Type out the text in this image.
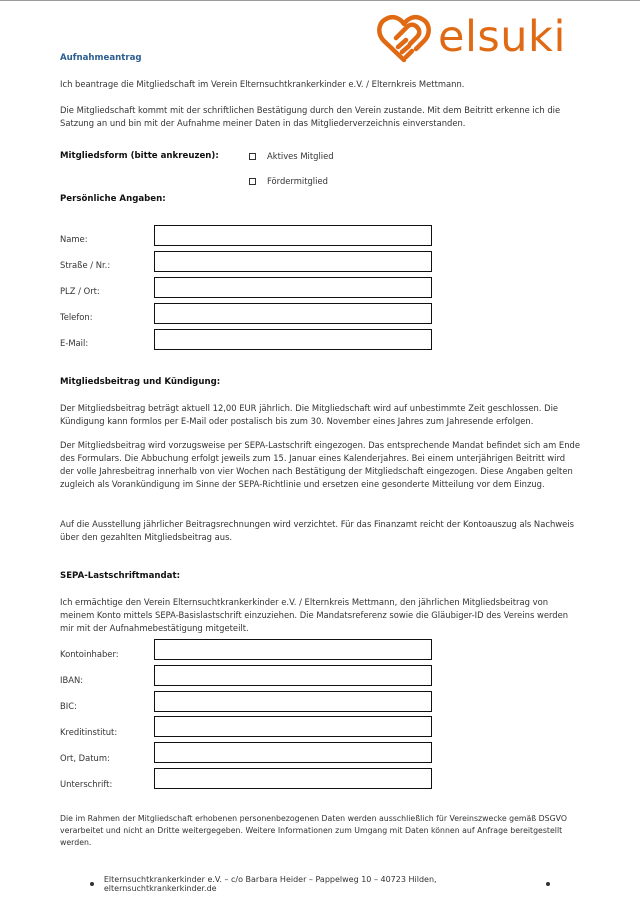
elsuki
Aufnahmeantrag
Ich beantrage die Mitgliedschaft im Verein Elternsuchtkrankerkinder e.V. / Elternkreis Mettmann.
Die Mitgliedschaft kommt mit der schriftlichen Bestätigung durch den Verein zustande. Mit dem Beitritt erkenne ich die Satzung an und bin mit der Aufnahme meiner Daten in das Mitgliederverzeichnis einverstanden.
Mitgliedsform (bitte ankreuzen):	Aktives Mitglied
Fördermitglied
Persönliche Angaben:
Name:
Straße / Nr.:
PLZ / Ort:
Telefon:
E-Mail:
Mitgliedsbeitrag und Kündigung:
Der Mitgliedsbeitrag beträgt aktuell 12,00 EUR jährlich. Die Mitgliedschaft wird auf unbestimmte Zeit geschlossen. Die Kündigung kann formlos per E-Mail oder postalisch bis zum 30. November eines Jahres zum Jahresende erfolgen.
Der Mitgliedsbeitrag wird vorzugsweise per SEPA-Lastschrift eingezogen. Das entsprechende Mandat befindet sich am Ende des Formulars. Die Abbuchung erfolgt jeweils zum 15. Januar eines Kalenderjahres. Bei einem unterjährigen Beitritt wird der volle Jahresbeitrag innerhalb von vier Wochen nach Bestätigung der Mitgliedschaft eingezogen. Diese Angaben gelten zugleich als Vorankündigung im Sinne der SEPA-Richtlinie und ersetzen eine gesonderte Mitteilung vor dem Einzug.
Auf die Ausstellung jährlicher Beitragsrechnungen wird verzichtet. Für das Finanzamt reicht der Kontoauszug als Nachweis über den gezahlten Mitgliedsbeitrag aus.
SEPA-Lastschriftmandat:
Ich ermächtige den Verein Elternsuchtkrankerkinder e.V. / Elternkreis Mettmann, den jährlichen Mitgliedsbeitrag von meinem Konto mittels SEPA-Basislastschrift einzuziehen. Die Mandatsreferenz sowie die Gläubiger-ID des Vereins werden mir mit der Aufnahmebestätigung mitgeteilt.
Kontoinhaber:
IBAN:
BIC:
Kreditinstitut:
Ort, Datum:
Unterschrift:
Die im Rahmen der Mitgliedschaft erhobenen personenbezogenen Daten werden ausschließlich für Vereinszwecke gemäß DSGVO verarbeitet und nicht an Dritte weitergegeben. Weitere Informationen zum Umgang mit Daten können auf Anfrage bereitgestellt werden.
Elternsuchtkrankerkinder e.V. – c/o Barbara Heider – Pappelweg 10 – 40723 Hilden, elternsuchtkrankerkinder.de
